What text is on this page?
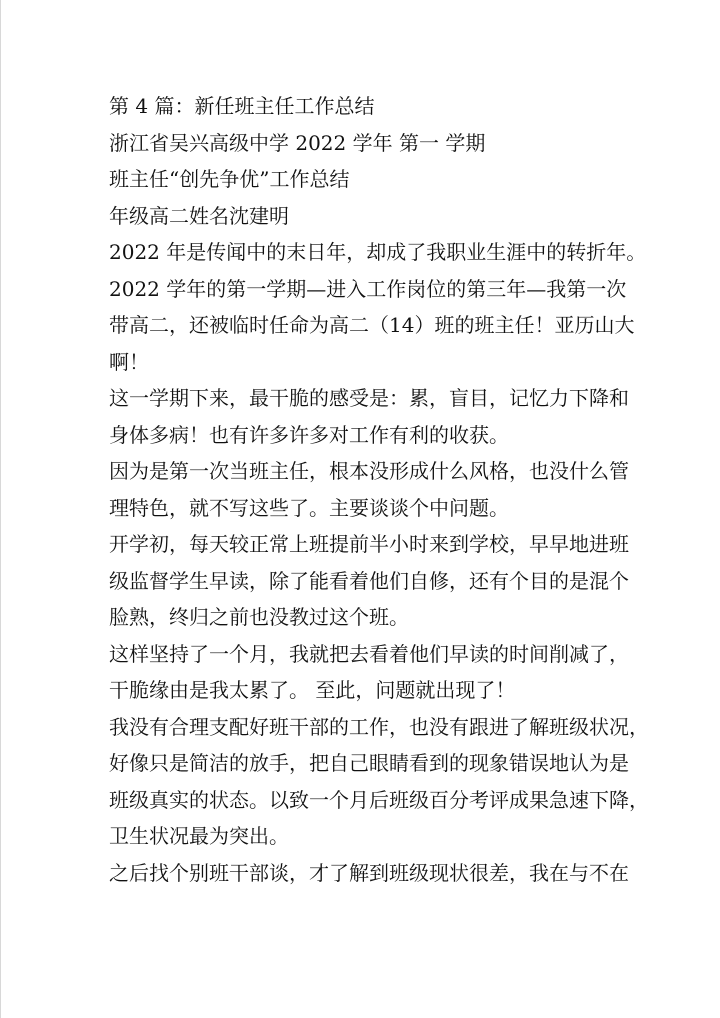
第 4 篇：新任班主任工作总结
浙江省吴兴高级中学 2022 学年 第一 学期
班主任“创先争优”工作总结
年级高二姓名沈建明
2022 年是传闻中的末日年，却成了我职业生涯中的转折年。
2022 学年的第一学期—进入工作岗位的第三年—我第一次
带高二，还被临时任命为高二（14）班的班主任！亚历山大
啊！
这一学期下来，最干脆的感受是：累，盲目，记忆力下降和
身体多病！也有许多许多对工作有利的收获。
因为是第一次当班主任，根本没形成什么风格，也没什么管
理特色，就不写这些了。主要谈谈个中问题。
开学初，每天较正常上班提前半小时来到学校，早早地进班
级监督学生早读，除了能看着他们自修，还有个目的是混个
脸熟，终归之前也没教过这个班。
这样坚持了一个月，我就把去看着他们早读的时间削减了，
干脆缘由是我太累了。 至此，问题就出现了！
我没有合理支配好班干部的工作，也没有跟进了解班级状况，
好像只是简洁的放手，把自己眼睛看到的现象错误地认为是
班级真实的状态。以致一个月后班级百分考评成果急速下降，
卫生状况最为突出。
之后找个别班干部谈，才了解到班级现状很差，我在与不在
